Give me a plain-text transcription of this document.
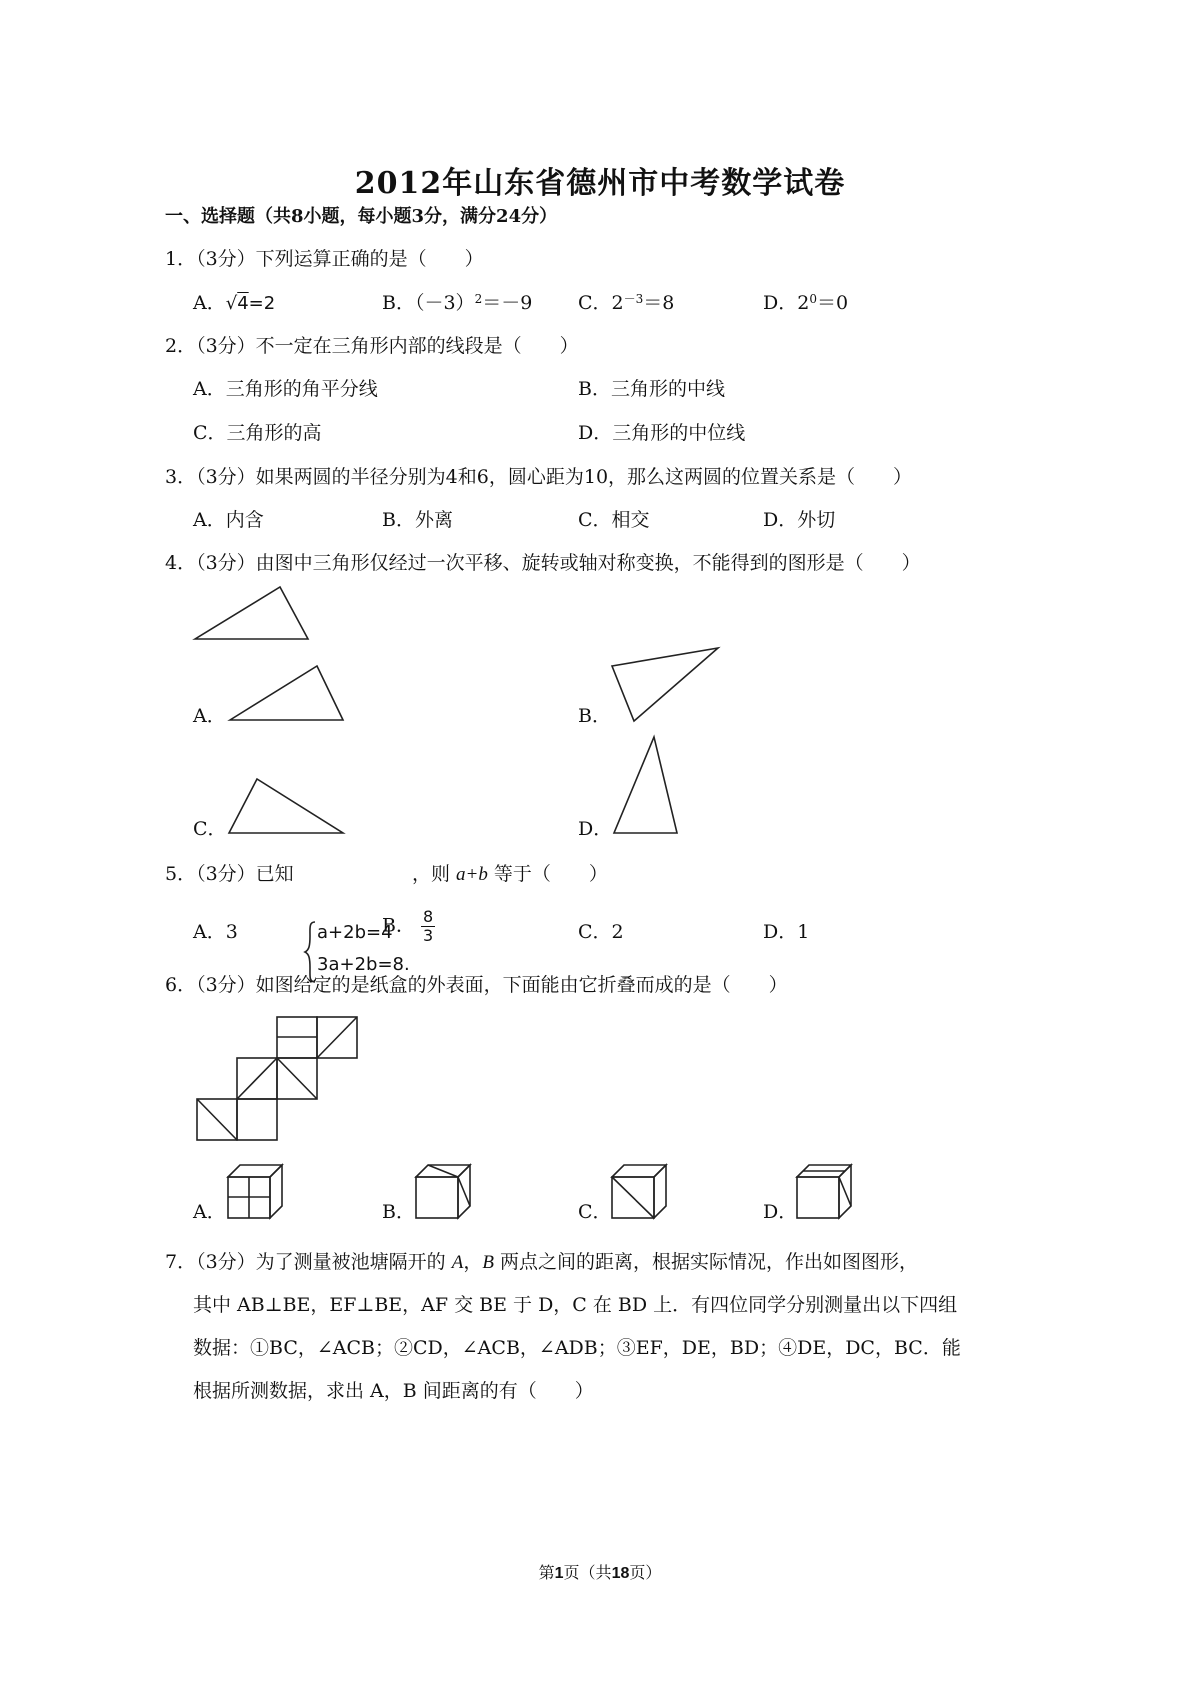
2012年山东省德州市中考数学试卷
一、选择题（共8小题，每小题3分，满分24分）
1．（3分）下列运算正确的是（　　）
A．√4=2	B．$(-3)^2=-9$ C．$2^{-3}=8$	D．$2^0=0$
2．（3分）不一定在三角形内部的线段是（　　）
A．三角形的角平分线	B．三角形的中线
C．三角形的高	D．三角形的中位线
3．（3分）如果两圆的半径分别为4和6，圆心距为10，那么这两圆的位置关系是（　　）
A．内含	B．外离	C．相交	D．外切
4．（3分）由图中三角形仅经过一次平移、旋转或轴对称变换，不能得到的图形是（　　）
A．	B．
C．	D．
5．（3分）已知
a+2b=4
3a+2b=8.
，则 a+b 等于（　　）
A．3	B． $\frac{8}{3}$	C．2	D．1
6．（3分）如图给定的是纸盒的外表面，下面能由它折叠而成的是（　　）
A．	B．	C．	D．
7．（3分）为了测量被池塘隔开的 A，B 两点之间的距离，根据实际情况，作出如图图形，
其中 AB⊥BE，EF⊥BE，AF 交 BE 于 D，C 在 BD 上．有四位同学分别测量出以下四组
数据：①BC，∠ACB；②CD，∠ACB，∠ADB；③EF，DE，BD；④DE，DC，BC．能
根据所测数据，求出 A，B 间距离的有（　　）
第1页（共18页）
